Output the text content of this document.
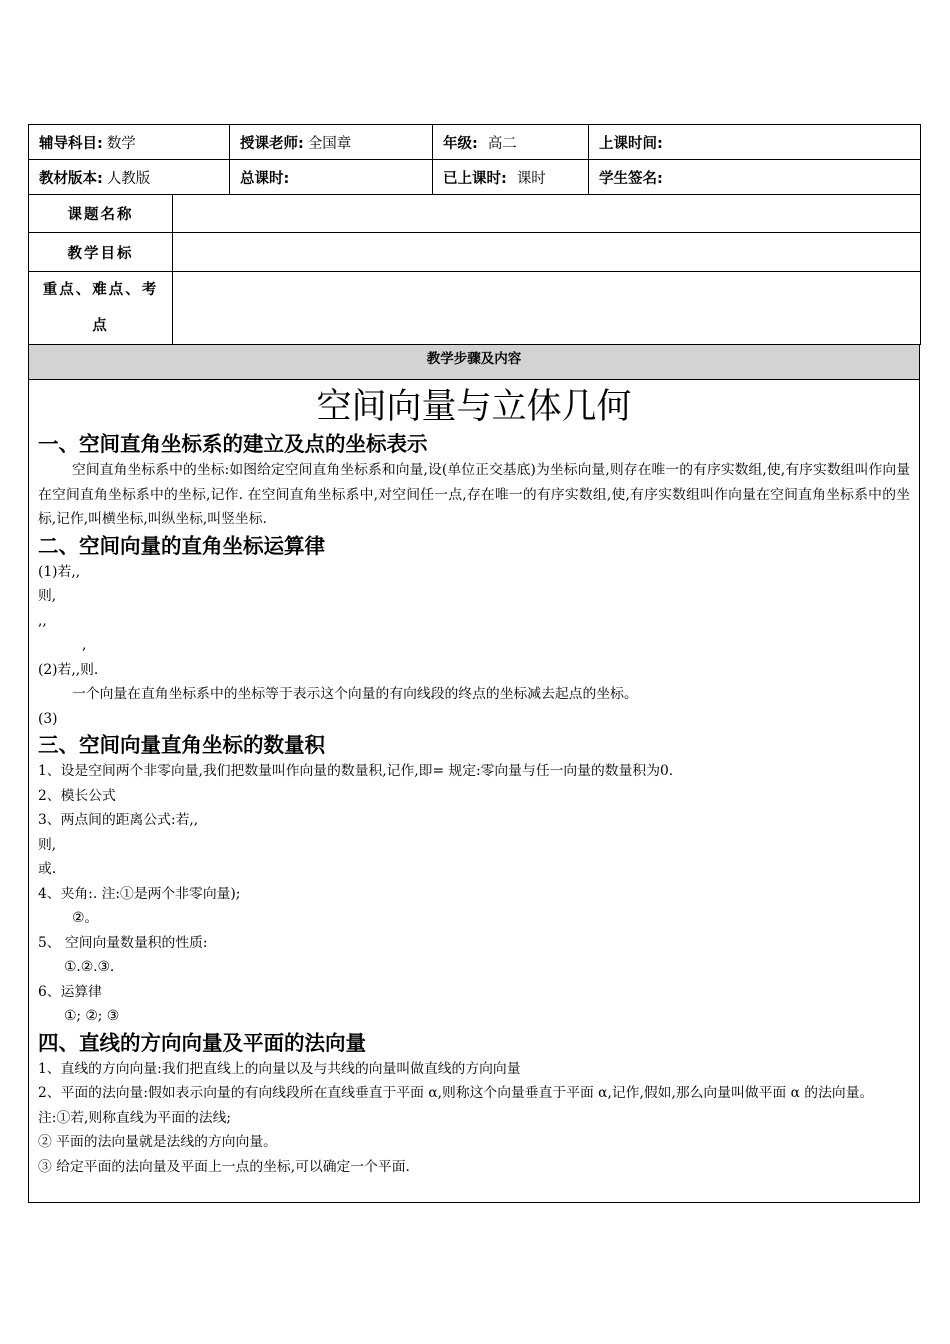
辅导科目: 数学	授课老师: 全国章	年级: 高二	上课时间:
教材版本: 人教版	总课时:	已上课时: 课时	学生签名:
课题名称	
教学目标	
重点、难点、考
点	
教学步骤及内容
空间向量与立体几何
一、空间直角坐标系的建立及点的坐标表示

空间直角坐标系中的坐标:如图给定空间直角坐标系和向量,设(单位正交基底)为坐标向量,则存在唯一的有序实数组,使,有序实数组叫作向量在空间直角坐标系中的坐标,记作. 在空间直角坐标系中,对空间任一点,存在唯一的有序实数组,使,有序实数组叫作向量在空间直角坐标系中的坐标,记作,叫横坐标,叫纵坐标,叫竖坐标.

二、空间向量的直角坐标运算律

(1)若,,

则,

,,

,

(2)若,,则.

一个向量在直角坐标系中的坐标等于表示这个向量的有向线段的终点的坐标减去起点的坐标。

(3)

三、空间向量直角坐标的数量积

1、设是空间两个非零向量,我们把数量叫作向量的数量积,记作,即= 规定:零向量与任一向量的数量积为0.

2、模长公式

3、两点间的距离公式:若,,

则,

或.

4、夹角:. 注:①是两个非零向量);

②。

5、 空间向量数量积的性质:

①.②.③.

6、运算律

①; ②; ③

四、直线的方向向量及平面的法向量

1、直线的方向向量:我们把直线上的向量以及与共线的向量叫做直线的方向向量

2、平面的法向量:假如表示向量的有向线段所在直线垂直于平面 α,则称这个向量垂直于平面 α,记作,假如,那么向量叫做平面 α 的法向量。

注:①若,则称直线为平面的法线;

② 平面的法向量就是法线的方向向量。

③ 给定平面的法向量及平面上一点的坐标,可以确定一个平面.
